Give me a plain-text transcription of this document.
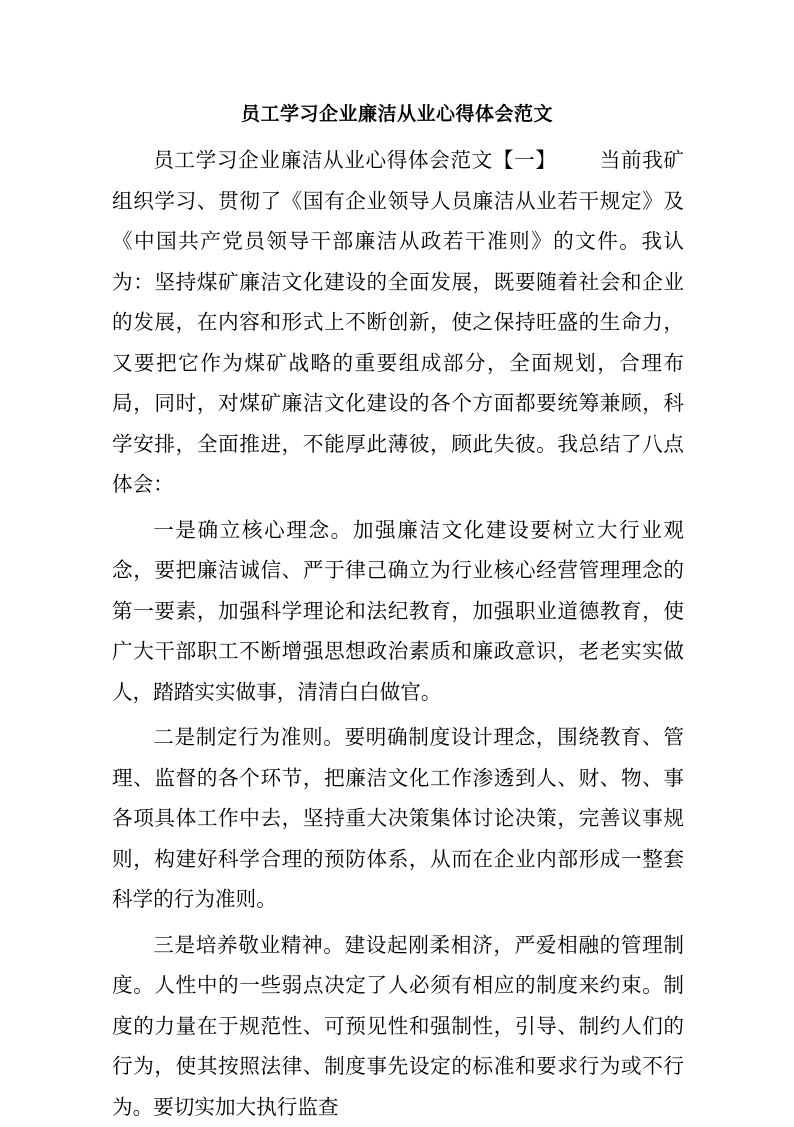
员工学习企业廉洁从业心得体会范文

员工学习企业廉洁从业心得体会范文【一】 当前我矿组织学习、贯彻了《国有企业领导人员廉洁从业若干规定》及《中国共产党员领导干部廉洁从政若干准则》的文件。我认为：坚持煤矿廉洁文化建设的全面发展，既要随着社会和企业的发展，在内容和形式上不断创新，使之保持旺盛的生命力，又要把它作为煤矿战略的重要组成部分，全面规划，合理布局，同时，对煤矿廉洁文化建设的各个方面都要统筹兼顾，科学安排，全面推进，不能厚此薄彼，顾此失彼。我总结了八点体会：

一是确立核心理念。加强廉洁文化建设要树立大行业观念，要把廉洁诚信、严于律己确立为行业核心经营管理理念的第一要素，加强科学理论和法纪教育，加强职业道德教育，使广大干部职工不断增强思想政治素质和廉政意识，老老实实做人，踏踏实实做事，清清白白做官。

二是制定行为准则。要明确制度设计理念，围绕教育、管理、监督的各个环节，把廉洁文化工作渗透到人、财、物、事各项具体工作中去，坚持重大决策集体讨论决策，完善议事规则，构建好科学合理的预防体系，从而在企业内部形成一整套科学的行为准则。

三是培养敬业精神。建设起刚柔相济，严爱相融的管理制度。人性中的一些弱点决定了人必须有相应的制度来约束。制度的力量在于规范性、可预见性和强制性，引导、制约人们的行为，使其按照法律、制度事先设定的标准和要求行为或不行为。要切实加大执行监查
